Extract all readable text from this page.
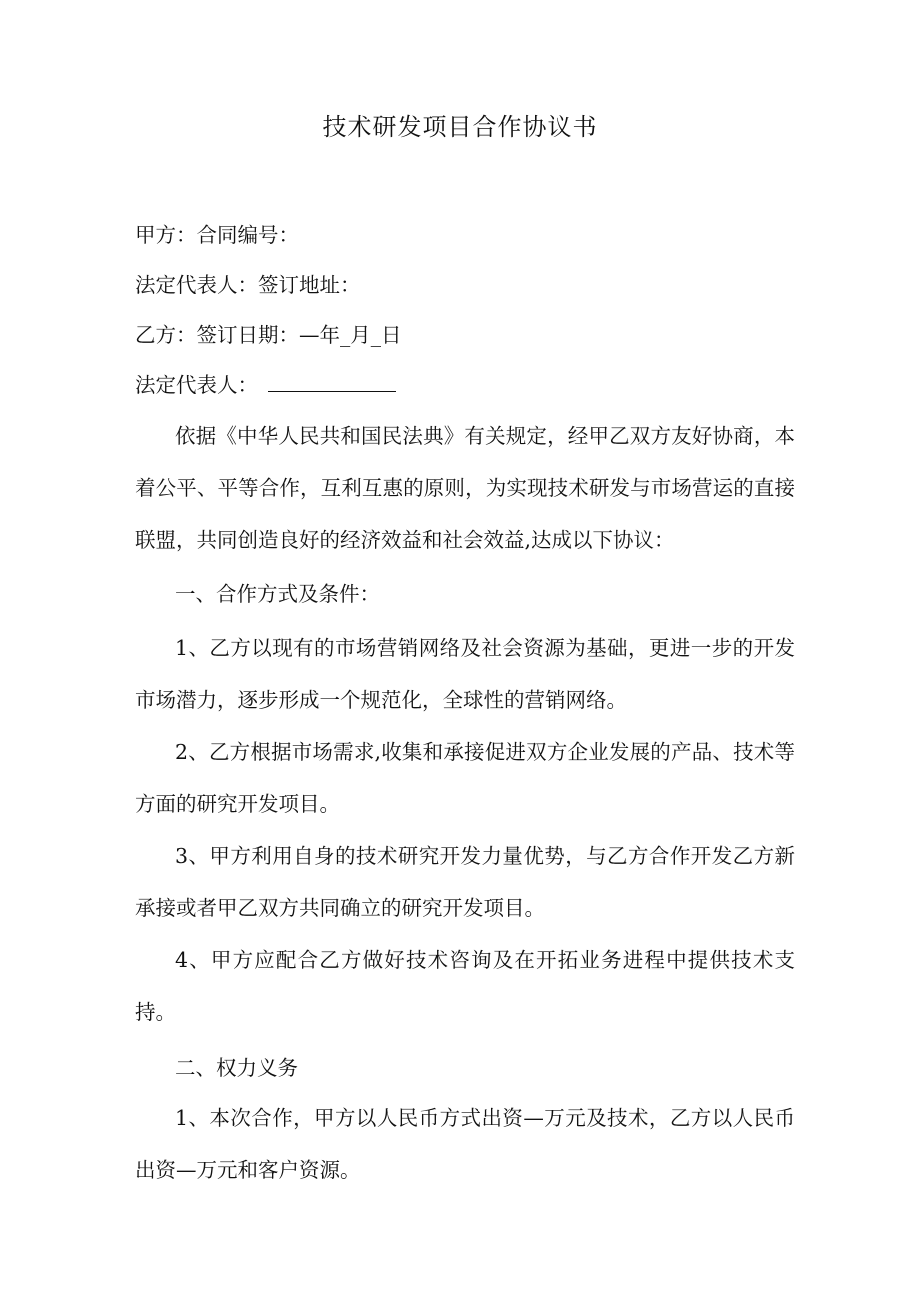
技术研发项目合作协议书
甲方：合同编号：
法定代表人：签订地址：
乙方：签订日期：—年_月_日
法定代表人：

依据《中华人民共和国民法典》有关规定，经甲乙双方友好协商，本着公平、平等合作，互利互惠的原则，为实现技术研发与市场营运的直接联盟，共同创造良好的经济效益和社会效益,达成以下协议：

一、合作方式及条件：

1、乙方以现有的市场营销网络及社会资源为基础，更进一步的开发市场潜力，逐步形成一个规范化，全球性的营销网络。

2、乙方根据市场需求,收集和承接促进双方企业发展的产品、技术等方面的研究开发项目。

3、甲方利用自身的技术研究开发力量优势，与乙方合作开发乙方新承接或者甲乙双方共同确立的研究开发项目。

4、甲方应配合乙方做好技术咨询及在开拓业务进程中提供技术支持。

二、权力义务

1、本次合作，甲方以人民币方式出资—万元及技术，乙方以人民币出资—万元和客户资源。
